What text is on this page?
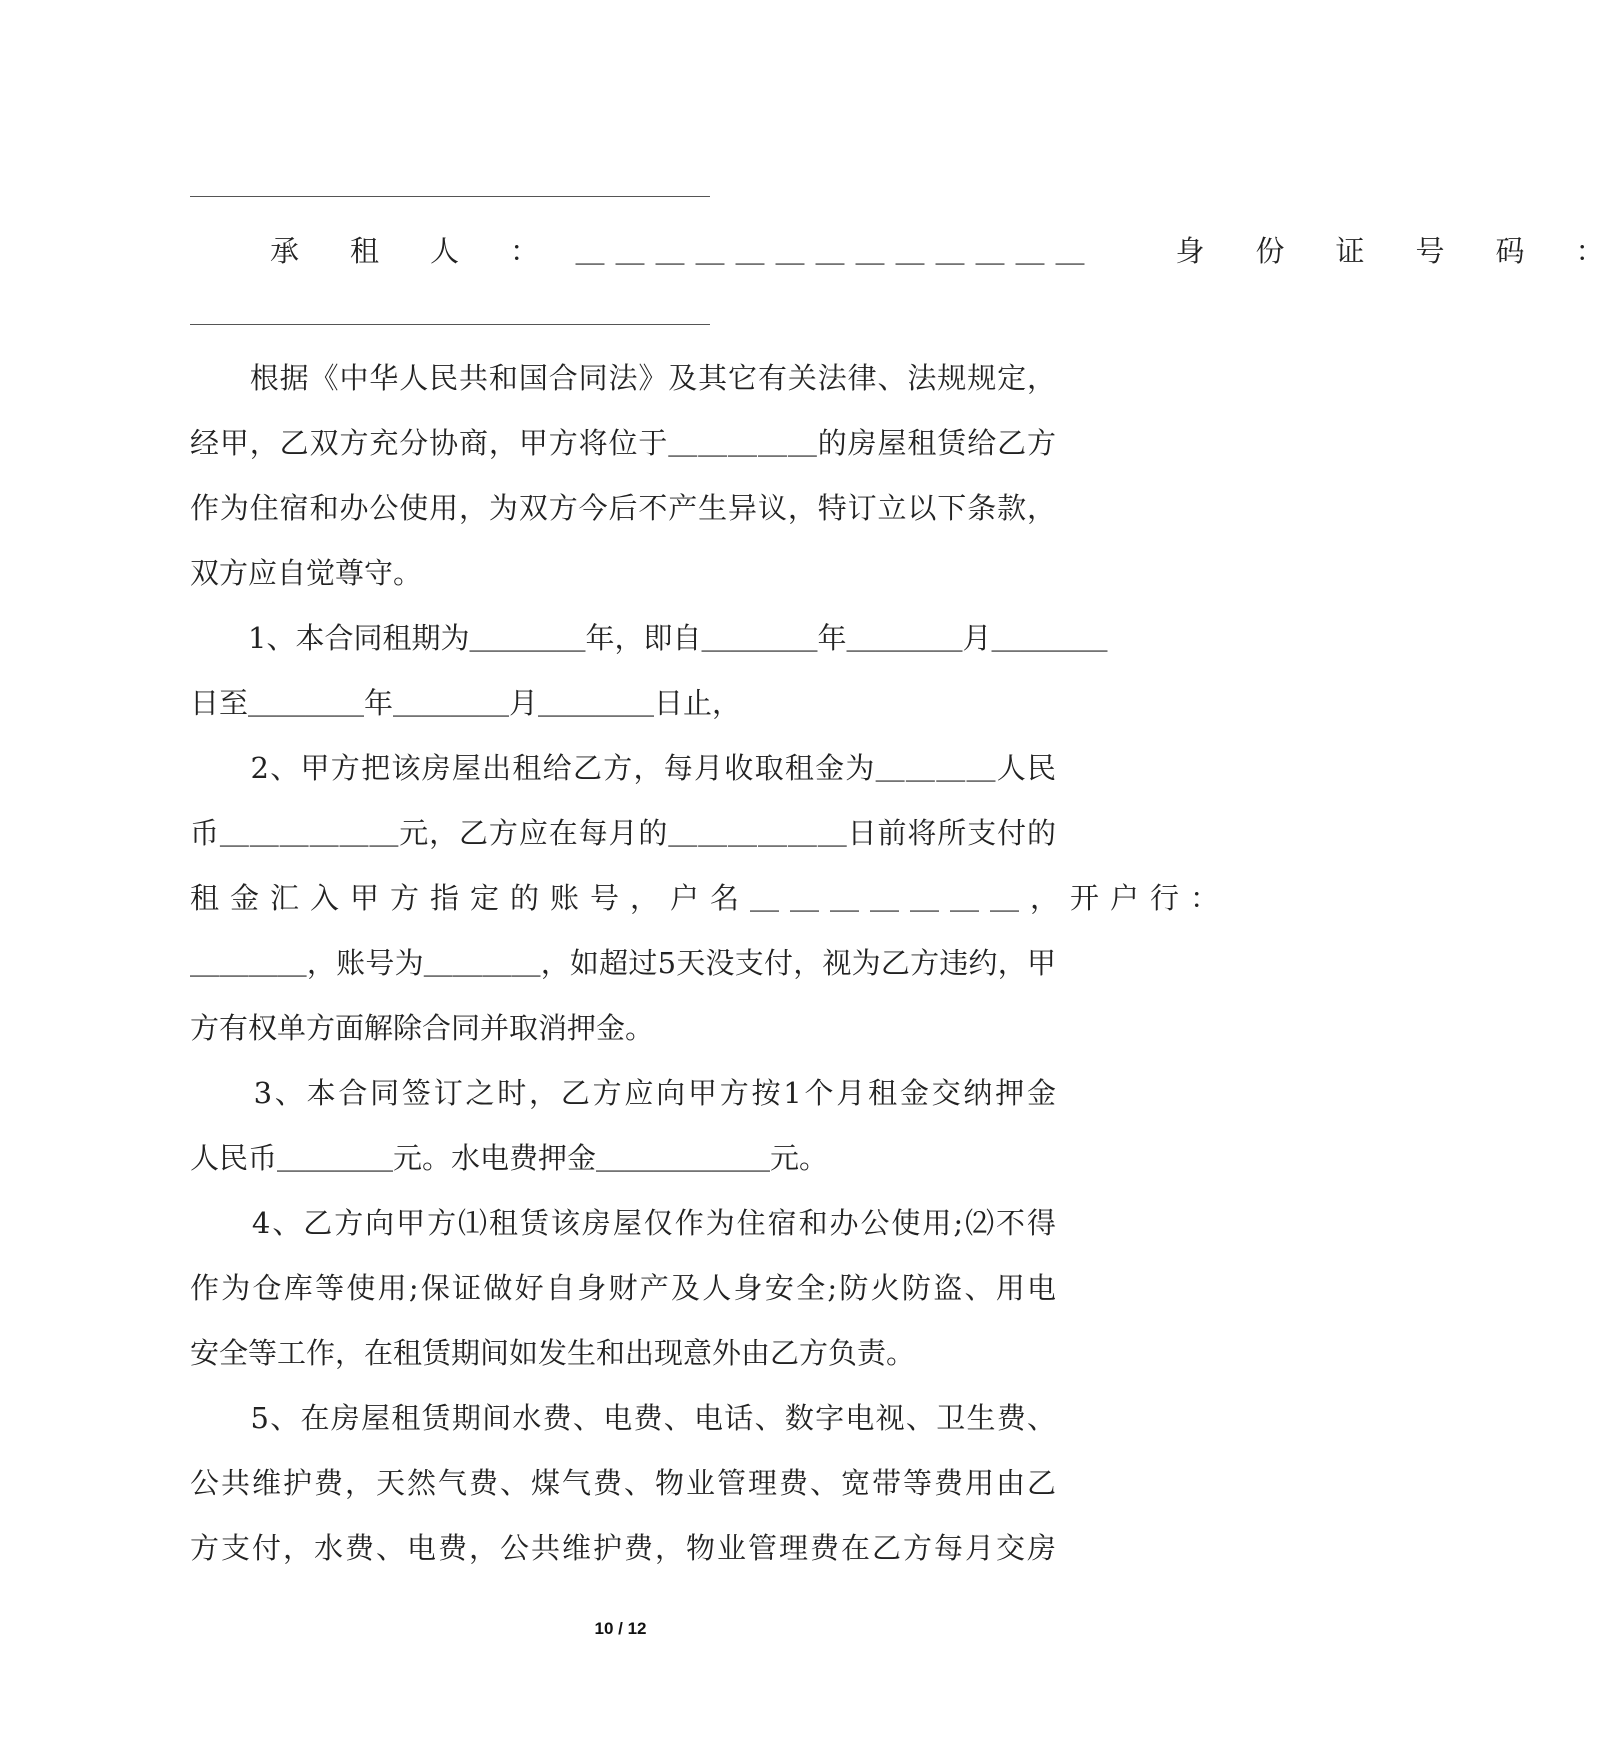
承　租　人　：　＿＿＿＿＿＿＿＿＿＿＿＿＿　　身　份　证　号　码　：
　　根据《中华人民共和国合同法》及其它有关法律、法规规定，
经甲，乙双方充分协商，甲方将位于＿＿＿＿＿的房屋租赁给乙方
作为住宿和办公使用，为双方今后不产生异议，特订立以下条款，
双方应自觉尊守。
　　1、本合同租期为＿＿＿＿年，即自＿＿＿＿年＿＿＿＿月＿＿＿＿
日至＿＿＿＿年＿＿＿＿月＿＿＿＿日止，
　　2、甲方把该房屋出租给乙方，每月收取租金为＿＿＿＿人民
币＿＿＿＿＿＿元，乙方应在每月的＿＿＿＿＿＿日前将所支付的
租金汇入甲方指定的账号，户名＿＿＿＿＿＿＿，开户行：
＿＿＿＿，账号为＿＿＿＿，如超过5天没支付，视为乙方违约，甲
方有权单方面解除合同并取消押金。
　　3、本合同签订之时，乙方应向甲方按1个月租金交纳押金
人民币＿＿＿＿元。水电费押金＿＿＿＿＿＿元。
　　4、乙方向甲方⑴租赁该房屋仅作为住宿和办公使用;⑵不得
作为仓库等使用;保证做好自身财产及人身安全;防火防盗、用电
安全等工作，在租赁期间如发生和出现意外由乙方负责。
　　5、在房屋租赁期间水费、电费、电话、数字电视、卫生费、
公共维护费，天然气费、煤气费、物业管理费、宽带等费用由乙
方支付，水费、电费，公共维护费，物业管理费在乙方每月交房
10 / 12
